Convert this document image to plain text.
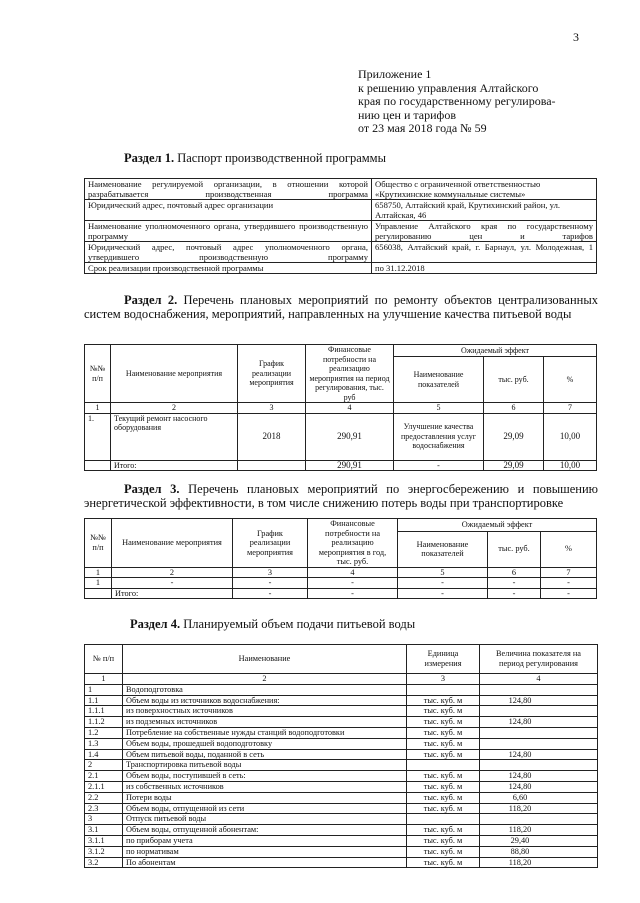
3
Приложение 1
к решению управления Алтайского
края по государственному регулирова-
нию цен и тарифов
от 23 мая 2018 года № 59
Раздел 1. Паспорт производственной программы
Наименование регулируемой организации, в отношении которой разрабатывается производственная программа	Общество с ограниченной ответственностью «Крутихинские коммунальные системы»
Юридический адрес, почтовый адрес организации	658750, Алтайский край, Крутихинский район, ул. Алтайская, 46
Наименование уполномоченного органа, утвердившего производственную программу	Управление Алтайского края по государственному регулированию цен и тарифов
Юридический адрес, почтовый адрес уполномоченного органа, утвердившего производственную программу	656038, Алтайский край, г. Барнаул, ул. Молодежная, 1
Срок реализации производственной программы	по 31.12.2018
Раздел 2. Перечень плановых мероприятий по ремонту объектов централизованных систем водоснабжения, мероприятий, направленных на улучшение качества питьевой воды
№№ п/п	Наименование мероприятия	График реализации мероприятия	Финансовые потребности на реализацию мероприятия на период регулирования, тыс. руб	Ожидаемый эффект		
				Наименование показателей	тыс. руб.	%
1	2	3	4	5	6	7
1.	Текущий ремонт насосного оборудования	2018	290,91	Улучшение качества предоставления услуг водоснабжения	29,09	10,00
	Итого:		290,91	-	29,09	10,00
Раздел 3. Перечень плановых мероприятий по энергосбережению и повышению энергетической эффективности, в том числе снижению потерь воды при транспортировке
№№ п/п	Наименование мероприятия	График реализации мероприятия	Финансовые потребности на реализацию мероприятия в год, тыс. руб.	Ожидаемый эффект		
				Наименование показателей	тыс. руб.	%
1	2	3	4	5	6	7
1	-	-	-	-	-	-
	Итого:	-	-	-	-	-
Раздел 4. Планируемый объем подачи питьевой воды
№ п/п	Наименование	Единица измерения	Величина показателя на период регулирования
1	2	3	4
1	Водоподготовка		
1.1	Объем воды из источников водоснабжения:	тыс. куб. м	124,80
1.1.1	из поверхностных источников	тыс. куб. м	
1.1.2	из подземных источников	тыс. куб. м	124,80
1.2	Потребление на собственные нужды станций водоподготовки	тыс. куб. м	
1.3	Объем воды, прошедшей водоподготовку	тыс. куб. м	
1.4	Объем питьевой воды, поданной в сеть	тыс. куб. м	124,80
2	Транспортировка питьевой воды		
2.1	Объем воды, поступившей в сеть:	тыс. куб. м	124,80
2.1.1	из собственных источников	тыс. куб. м	124,80
2.2	Потери воды	тыс. куб. м	6,60
2.3	Объем воды, отпущенной из сети	тыс. куб. м	118,20
3	Отпуск питьевой воды		
3.1	Объем воды, отпущенной абонентам:	тыс. куб. м	118,20
3.1.1	по приборам учета	тыс. куб. м	29,40
3.1.2	по нормативам	тыс. куб. м	88,80
3.2	По абонентам	тыс. куб. м	118,20
